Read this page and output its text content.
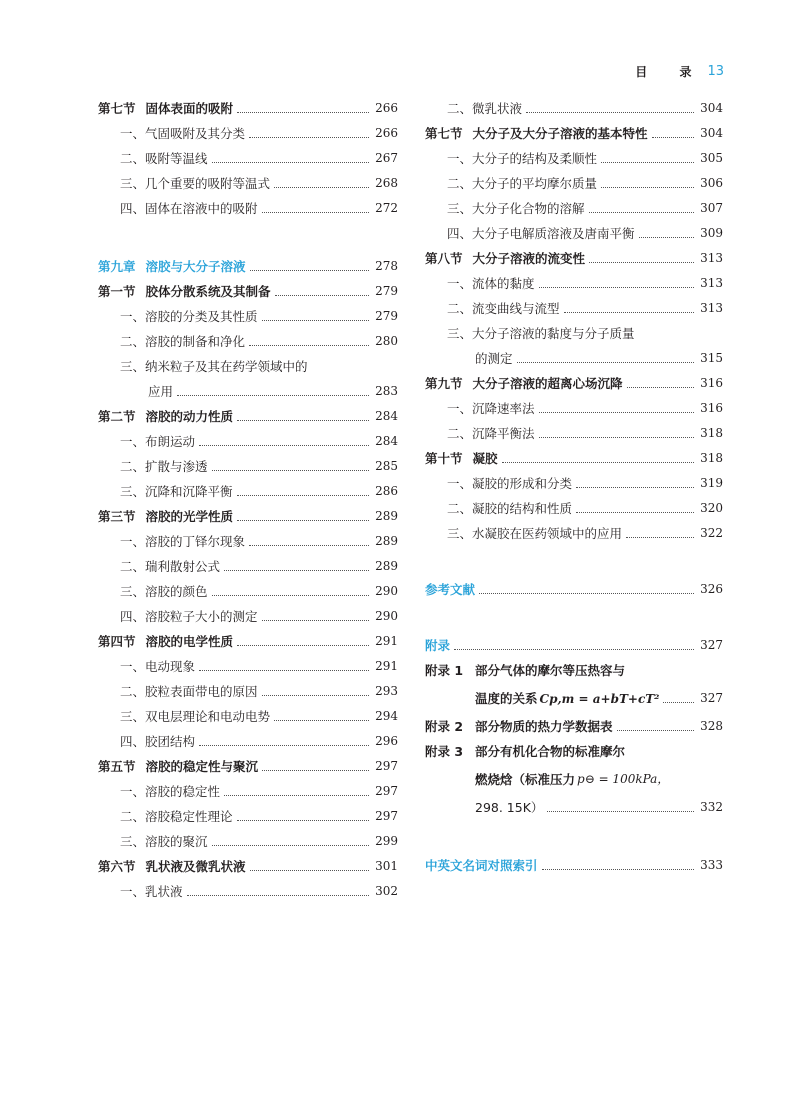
目 录 13
第七节 固体表面的吸附	266
一、气固吸附及其分类	266
二、吸附等温线	267
三、几个重要的吸附等温式	268
四、固体在溶液中的吸附	272
第九章 溶胶与大分子溶液	278
第一节 胶体分散系统及其制备	279
一、溶胶的分类及其性质	279
二、溶胶的制备和净化	280
三、纳米粒子及其在药学领域中的
应用	283
第二节 溶胶的动力性质	284
一、布朗运动	284
二、扩散与渗透	285
三、沉降和沉降平衡	286
第三节 溶胶的光学性质	289
一、溶胶的丁铎尔现象	289
二、瑞利散射公式	289
三、溶胶的颜色	290
四、溶胶粒子大小的测定	290
第四节 溶胶的电学性质	291
一、电动现象	291
二、胶粒表面带电的原因	293
三、双电层理论和电动电势	294
四、胶团结构	296
第五节 溶胶的稳定性与聚沉	297
一、溶胶的稳定性	297
二、溶胶稳定性理论	297
三、溶胶的聚沉	299
第六节 乳状液及微乳状液	301
一、乳状液	302
二、微乳状液	304
第七节 大分子及大分子溶液的基本特性	304
一、大分子的结构及柔顺性	305
二、大分子的平均摩尔质量	306
三、大分子化合物的溶解	307
四、大分子电解质溶液及唐南平衡	309
第八节 大分子溶液的流变性	313
一、流体的黏度	313
二、流变曲线与流型	313
三、大分子溶液的黏度与分子质量
的测定	315
第九节 大分子溶液的超离心场沉降	316
一、沉降速率法	316
二、沉降平衡法	318
第十节 凝胶	318
一、凝胶的形成和分类	319
二、凝胶的结构和性质	320
三、水凝胶在医药领域中的应用	322
参考文献	326
附录	327
附录 1 部分气体的摩尔等压热容与
温度的关系 Cp,m = a+bT+cT²	327
附录 2 部分物质的热力学数据表	328
附录 3 部分有机化合物的标准摩尔
燃烧焓（标准压力 p⊖ = 100kPa，
298. 15K）	332
中英文名词对照索引	333
